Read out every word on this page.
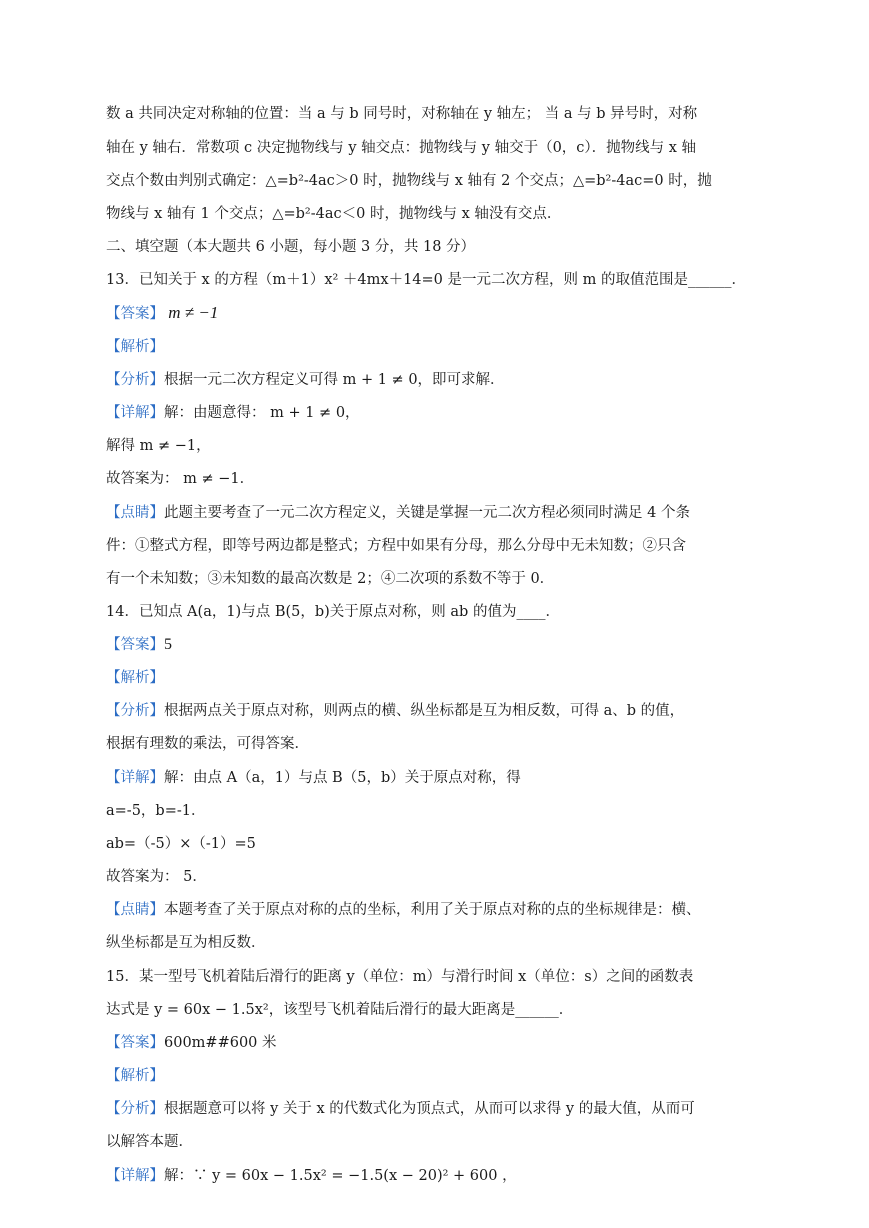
数 a 共同决定对称轴的位置：当 a 与 b 同号时，对称轴在 y 轴左； 当 a 与 b 异号时，对称
轴在 y 轴右．常数项 c 决定抛物线与 y 轴交点：抛物线与 y 轴交于（0，c）．抛物线与 x 轴
交点个数由判别式确定：△=b²-4ac＞0 时，抛物线与 x 轴有 2 个交点；△=b²-4ac=0 时，抛
物线与 x 轴有 1 个交点；△=b²-4ac＜0 时，抛物线与 x 轴没有交点．
二、填空题（本大题共 6 小题，每小题 3 分，共 18 分）
13．已知关于 x 的方程（m＋1）x² ＋4mx＋14=0 是一元二次方程，则 m 的取值范围是______．
【答案】 m ≠ −1
【解析】
【分析】根据一元二次方程定义可得 m + 1 ≠ 0，即可求解．
【详解】解：由题意得： m + 1 ≠ 0，
解得 m ≠ −1，
故答案为： m ≠ −1．
【点睛】此题主要考查了一元二次方程定义，关键是掌握一元二次方程必须同时满足 4 个条
件：①整式方程，即等号两边都是整式；方程中如果有分母，那么分母中无未知数；②只含
有一个未知数；③未知数的最高次数是 2；④二次项的系数不等于 0．
14．已知点 A(a，1)与点 B(5，b)关于原点对称，则 ab 的值为____．
【答案】5
【解析】
【分析】根据两点关于原点对称，则两点的横、纵坐标都是互为相反数，可得 a、b 的值，
根据有理数的乘法，可得答案．
【详解】解：由点 A（a，1）与点 B（5，b）关于原点对称，得
a=-5，b=-1．
ab=（-5）×（-1）=5
故答案为： 5．
【点睛】本题考查了关于原点对称的点的坐标，利用了关于原点对称的点的坐标规律是：横、
纵坐标都是互为相反数．
15．某一型号飞机着陆后滑行的距离 y（单位：m）与滑行时间 x（单位：s）之间的函数表
达式是 y = 60x − 1.5x²，该型号飞机着陆后滑行的最大距离是______．
【答案】600m##600 米
【解析】
【分析】根据题意可以将 y 关于 x 的代数式化为顶点式，从而可以求得 y 的最大值，从而可
以解答本题．
【详解】解：∵ y = 60x − 1.5x² = −1.5(x − 20)² + 600 ，
